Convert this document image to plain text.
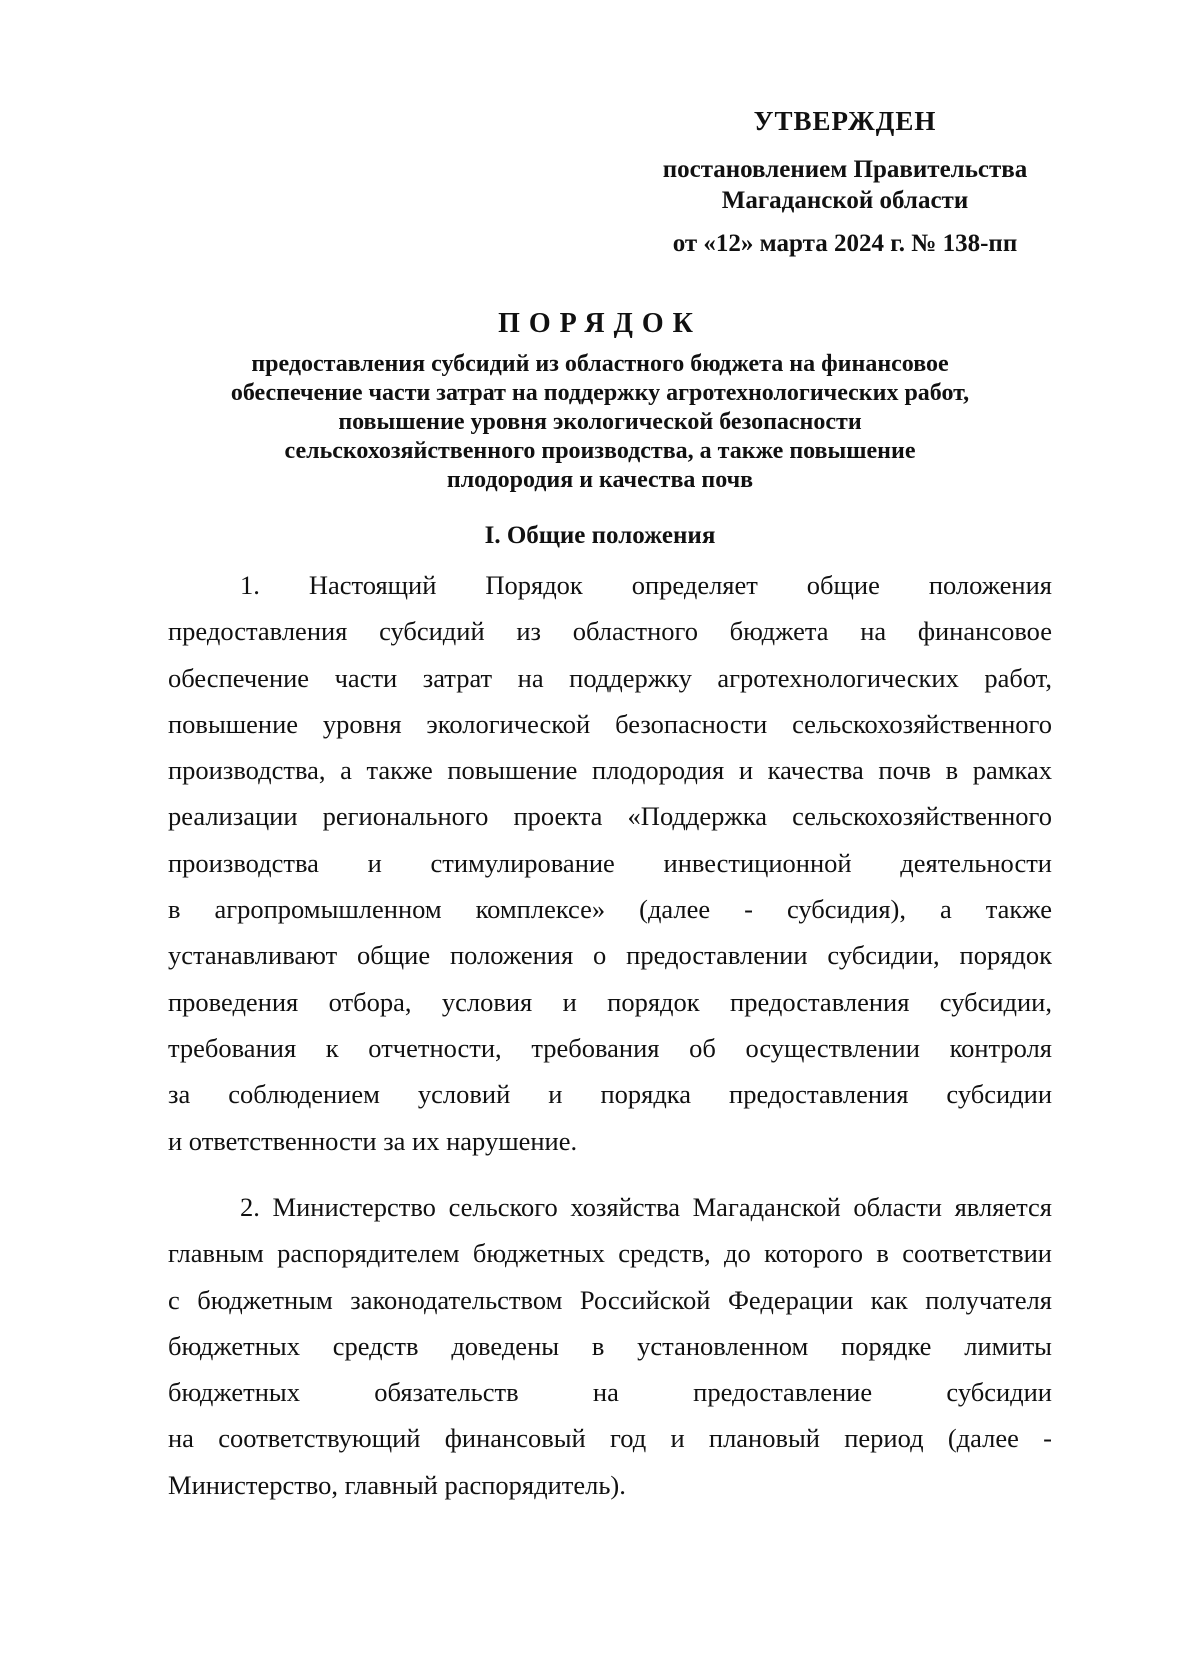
УТВЕРЖДЕН
постановлением Правительства
Магаданской области
от «12» марта 2024 г. № 138-пп
ПОРЯДОК
предоставления субсидий из областного бюджета на финансовое
обеспечение части затрат на поддержку агротехнологических работ,
повышение уровня экологической безопасности
сельскохозяйственного производства, а также повышение
плодородия и качества почв
I. Общие положения
1. Настоящий Порядок определяет общие положения
предоставления субсидий из областного бюджета на финансовое
обеспечение части затрат на поддержку агротехнологических работ,
повышение уровня экологической безопасности сельскохозяйственного
производства, а также повышение плодородия и качества почв в рамках
реализации регионального проекта «Поддержка сельскохозяйственного
производства и стимулирование инвестиционной деятельности
в агропромышленном комплексе» (далее - субсидия), а также
устанавливают общие положения о предоставлении субсидии, порядок
проведения отбора, условия и порядок предоставления субсидии,
требования к отчетности, требования об осуществлении контроля
за соблюдением условий и порядка предоставления субсидии
и ответственности за их нарушение.
2. Министерство сельского хозяйства Магаданской области является
главным распорядителем бюджетных средств, до которого в соответствии
с бюджетным законодательством Российской Федерации как получателя
бюджетных средств доведены в установленном порядке лимиты
бюджетных обязательств на предоставление субсидии
на соответствующий финансовый год и плановый период (далее -
Министерство, главный распорядитель).
